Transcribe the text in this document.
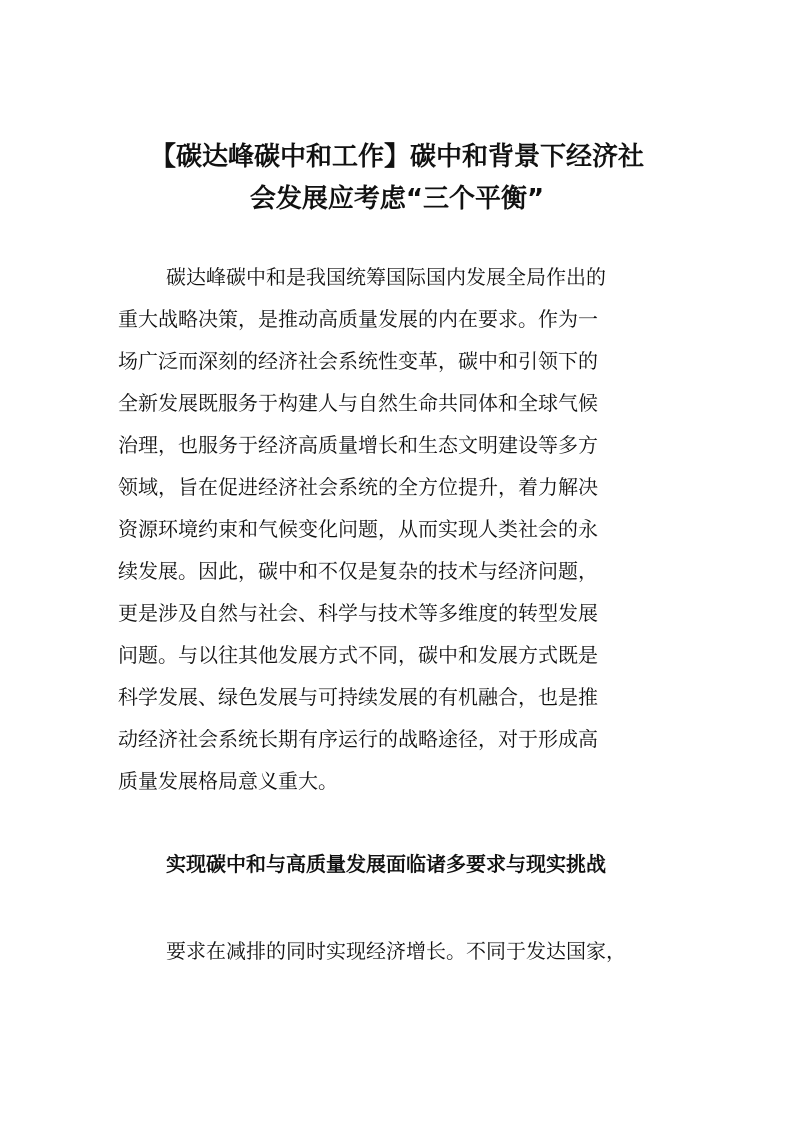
【碳达峰碳中和工作】碳中和背景下经济社
会发展应考虑“三个平衡”

碳达峰碳中和是我国统筹国际国内发展全局作出的
重大战略决策，是推动高质量发展的内在要求。作为一
场广泛而深刻的经济社会系统性变革，碳中和引领下的
全新发展既服务于构建人与自然生命共同体和全球气候
治理，也服务于经济高质量增长和生态文明建设等多方
领域，旨在促进经济社会系统的全方位提升，着力解决
资源环境约束和气候变化问题，从而实现人类社会的永
续发展。因此，碳中和不仅是复杂的技术与经济问题，
更是涉及自然与社会、科学与技术等多维度的转型发展
问题。与以往其他发展方式不同，碳中和发展方式既是
科学发展、绿色发展与可持续发展的有机融合，也是推
动经济社会系统长期有序运行的战略途径，对于形成高
质量发展格局意义重大。

实现碳中和与高质量发展面临诸多要求与现实挑战

要求在减排的同时实现经济增长。不同于发达国家，
